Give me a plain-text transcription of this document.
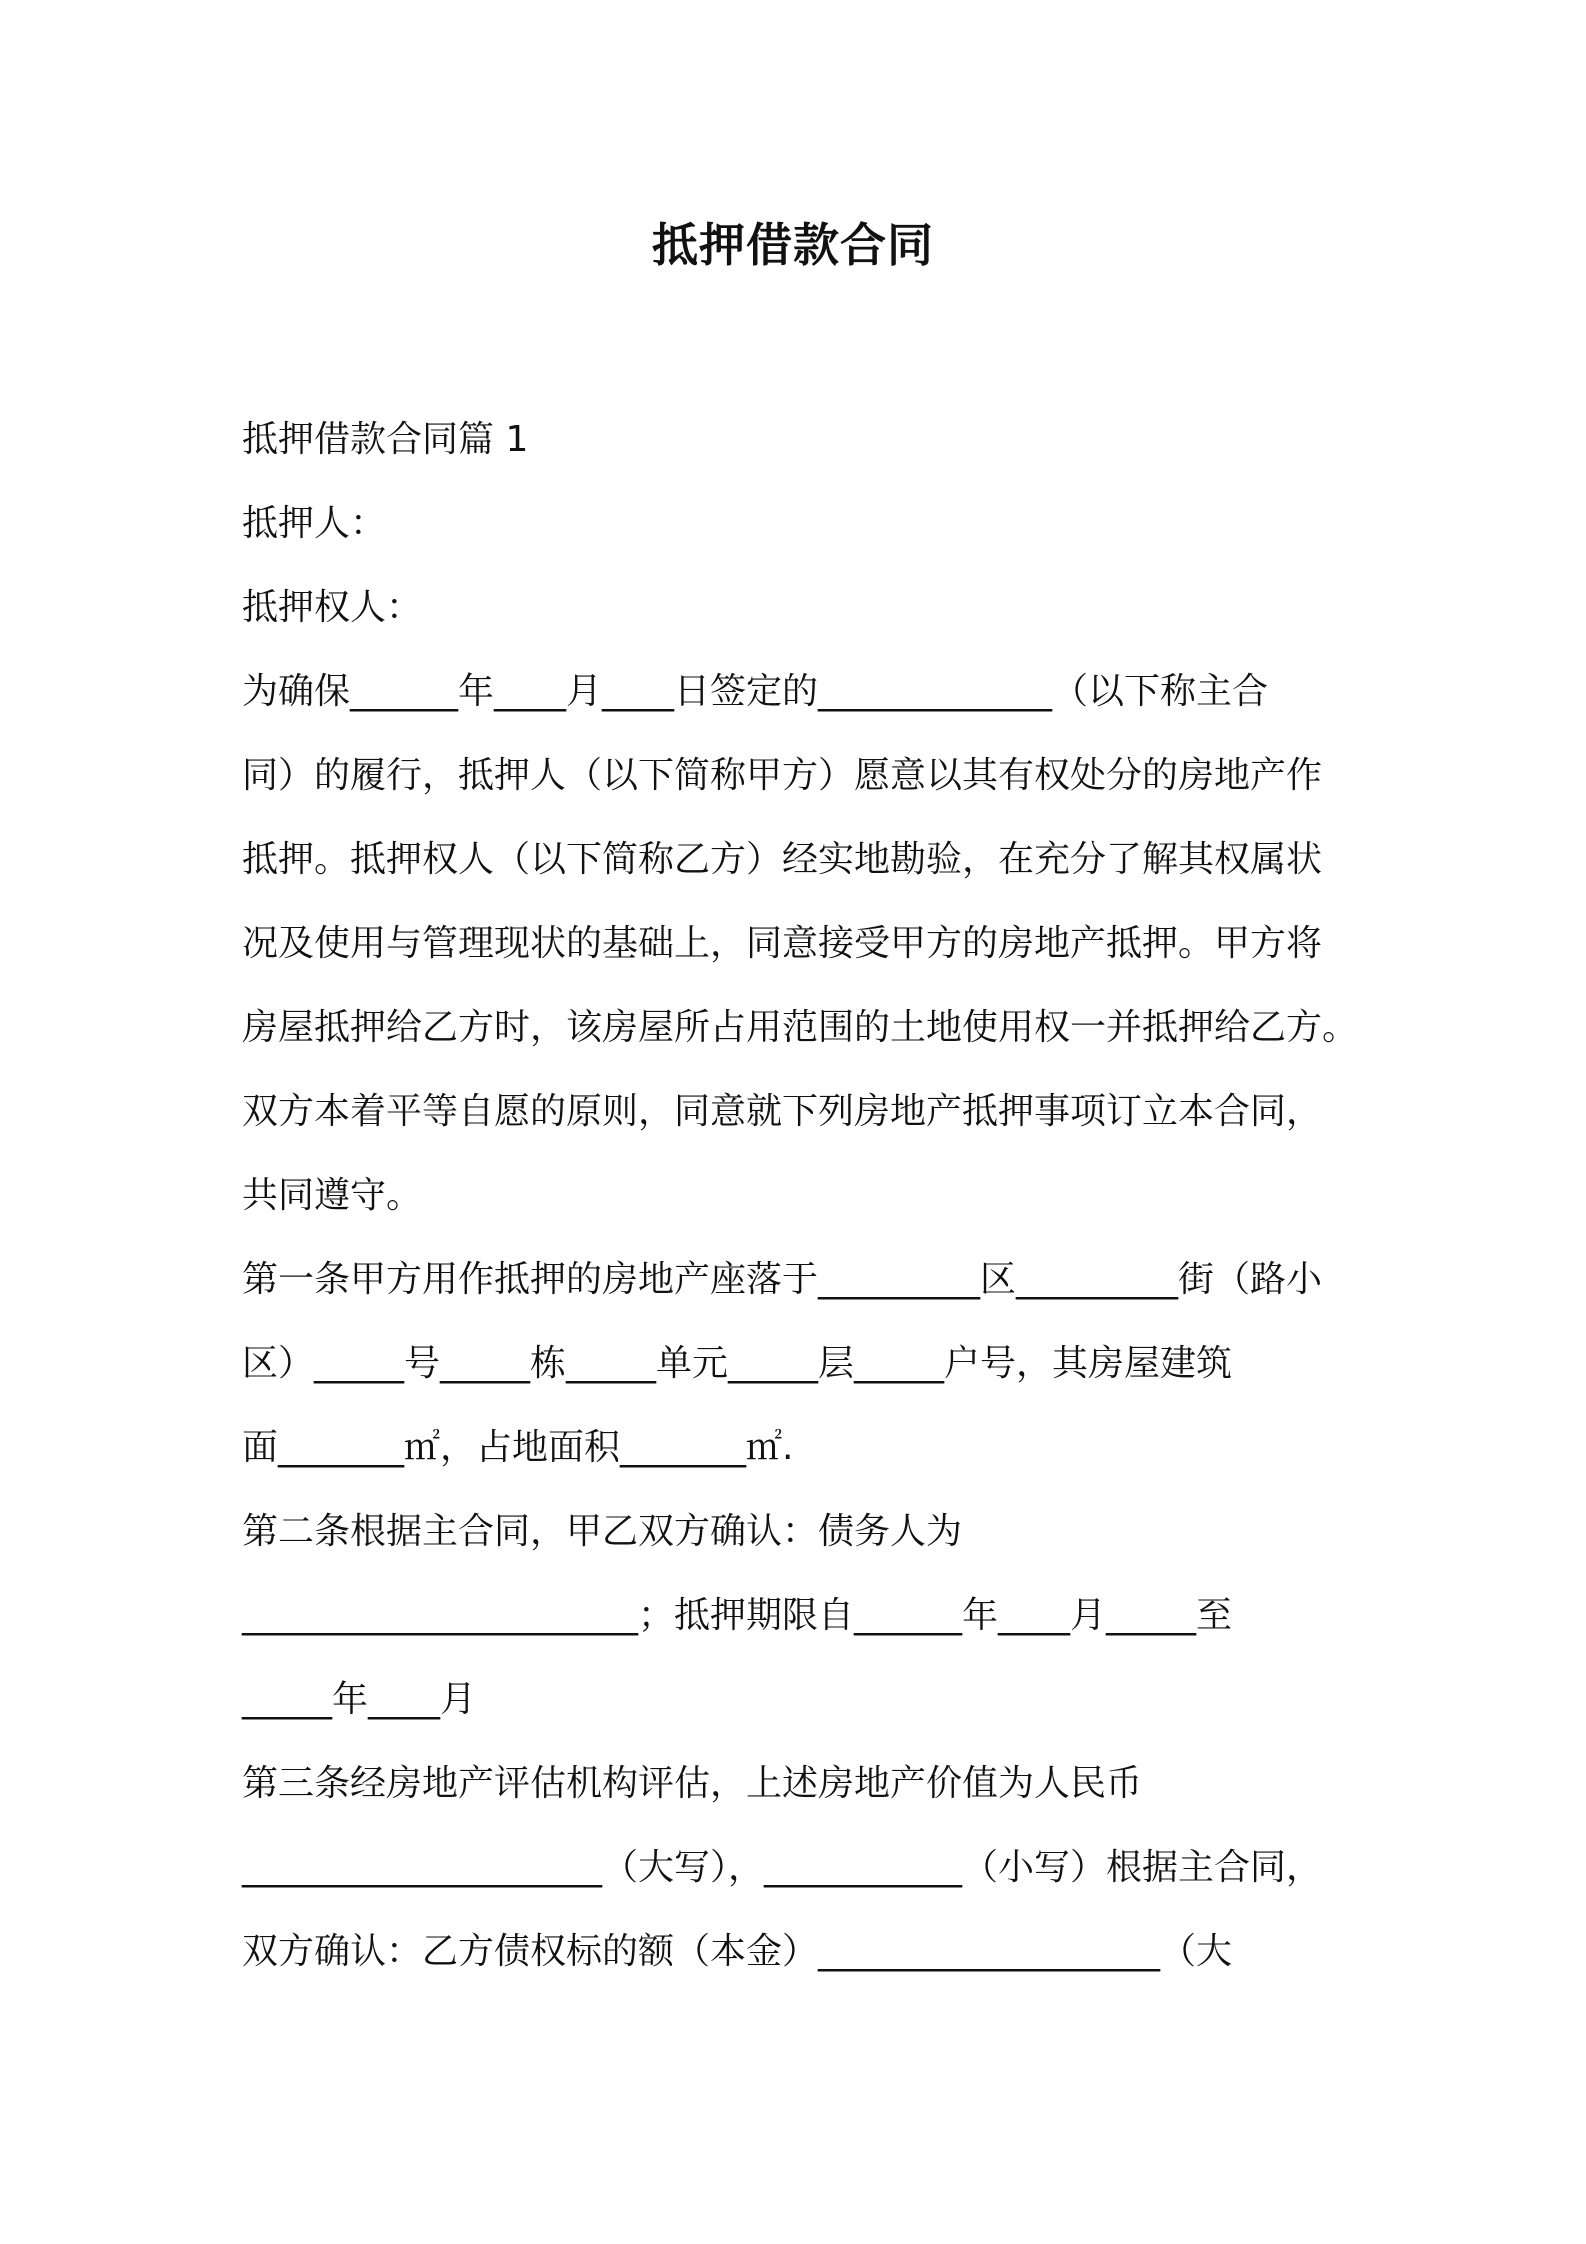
抵押借款合同
抵押借款合同篇 1
抵押人：
抵押权人：
为确保______年____月____日签定的_____________（以下称主合
同）的履行，抵押人（以下简称甲方）愿意以其有权处分的房地产作
抵押。抵押权人（以下简称乙方）经实地勘验，在充分了解其权属状
况及使用与管理现状的基础上，同意接受甲方的房地产抵押。甲方将
房屋抵押给乙方时，该房屋所占用范围的土地使用权一并抵押给乙方。
双方本着平等自愿的原则，同意就下列房地产抵押事项订立本合同，
共同遵守。
第一条甲方用作抵押的房地产座落于_________区_________街（路小
区）_____号_____栋_____单元_____层_____户号，其房屋建筑
面_______㎡，占地面积_______㎡.
第二条根据主合同，甲乙双方确认：债务人为
______________________；抵押期限自______年____月_____至
_____年____月
第三条经房地产评估机构评估，上述房地产价值为人民币
____________________（大写），___________（小写）根据主合同，
双方确认：乙方债权标的额（本金）___________________（大
